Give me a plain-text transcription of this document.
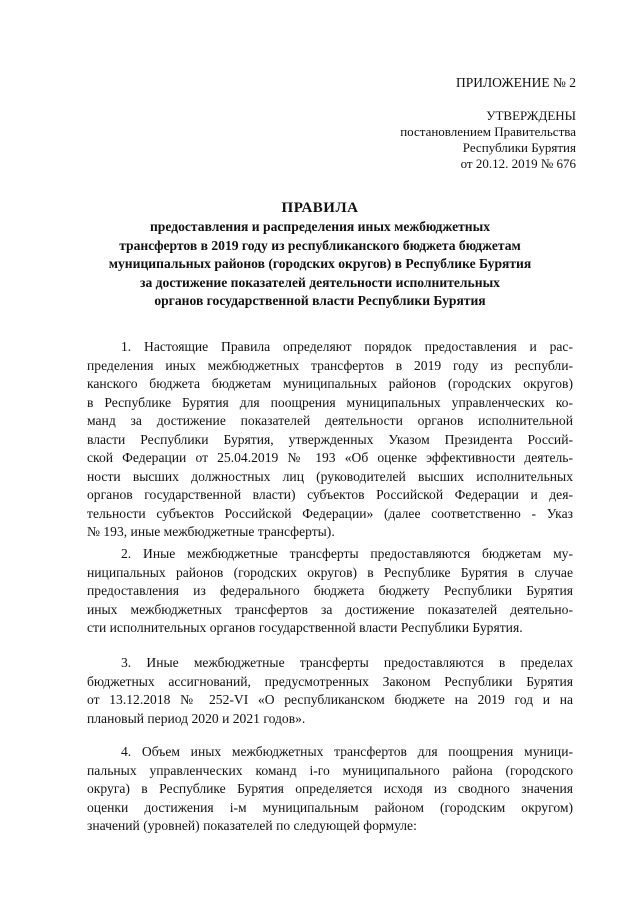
ПРИЛОЖЕНИЕ № 2
УТВЕРЖДЕНЫ
постановлением Правительства
Республики Бурятия
от 20.12. 2019 № 676
ПРАВИЛА
предоставления и распределения иных межбюджетных
трансфертов в 2019 году из республиканского бюджета бюджетам
муниципальных районов (городских округов) в Республике Бурятия
за достижение показателей деятельности исполнительных
органов государственной власти Республики Бурятия
1. Настоящие Правила определяют порядок предоставления и рас-
пределения иных межбюджетных трансфертов в 2019 году из республи-
канского бюджета бюджетам муниципальных районов (городских округов)
в Республике Бурятия для поощрения муниципальных управленческих ко-
манд за достижение показателей деятельности органов исполнительной
власти Республики Бурятия, утвержденных Указом Президента Россий-
ской Федерации от 25.04.2019 № 193 «Об оценке эффективности деятель-
ности высших должностных лиц (руководителей высших исполнительных
органов государственной власти) субъектов Российской Федерации и дея-
тельности субъектов Российской Федерации» (далее соответственно - Указ
№ 193, иные межбюджетные трансферты).
2. Иные межбюджетные трансферты предоставляются бюджетам му-
ниципальных районов (городских округов) в Республике Бурятия в случае
предоставления из федерального бюджета бюджету Республики Бурятия
иных межбюджетных трансфертов за достижение показателей деятельно-
сти исполнительных органов государственной власти Республики Бурятия.
3. Иные межбюджетные трансферты предоставляются в пределах
бюджетных ассигнований, предусмотренных Законом Республики Бурятия
от 13.12.2018 № 252-VI «О республиканском бюджете на 2019 год и на
плановый период 2020 и 2021 годов».
4. Объем иных межбюджетных трансфертов для поощрения муници-
пальных управленческих команд i-го муниципального района (городского
округа) в Республике Бурятия определяется исходя из сводного значения
оценки достижения i-м муниципальным районом (городским округом)
значений (уровней) показателей по следующей формуле:
